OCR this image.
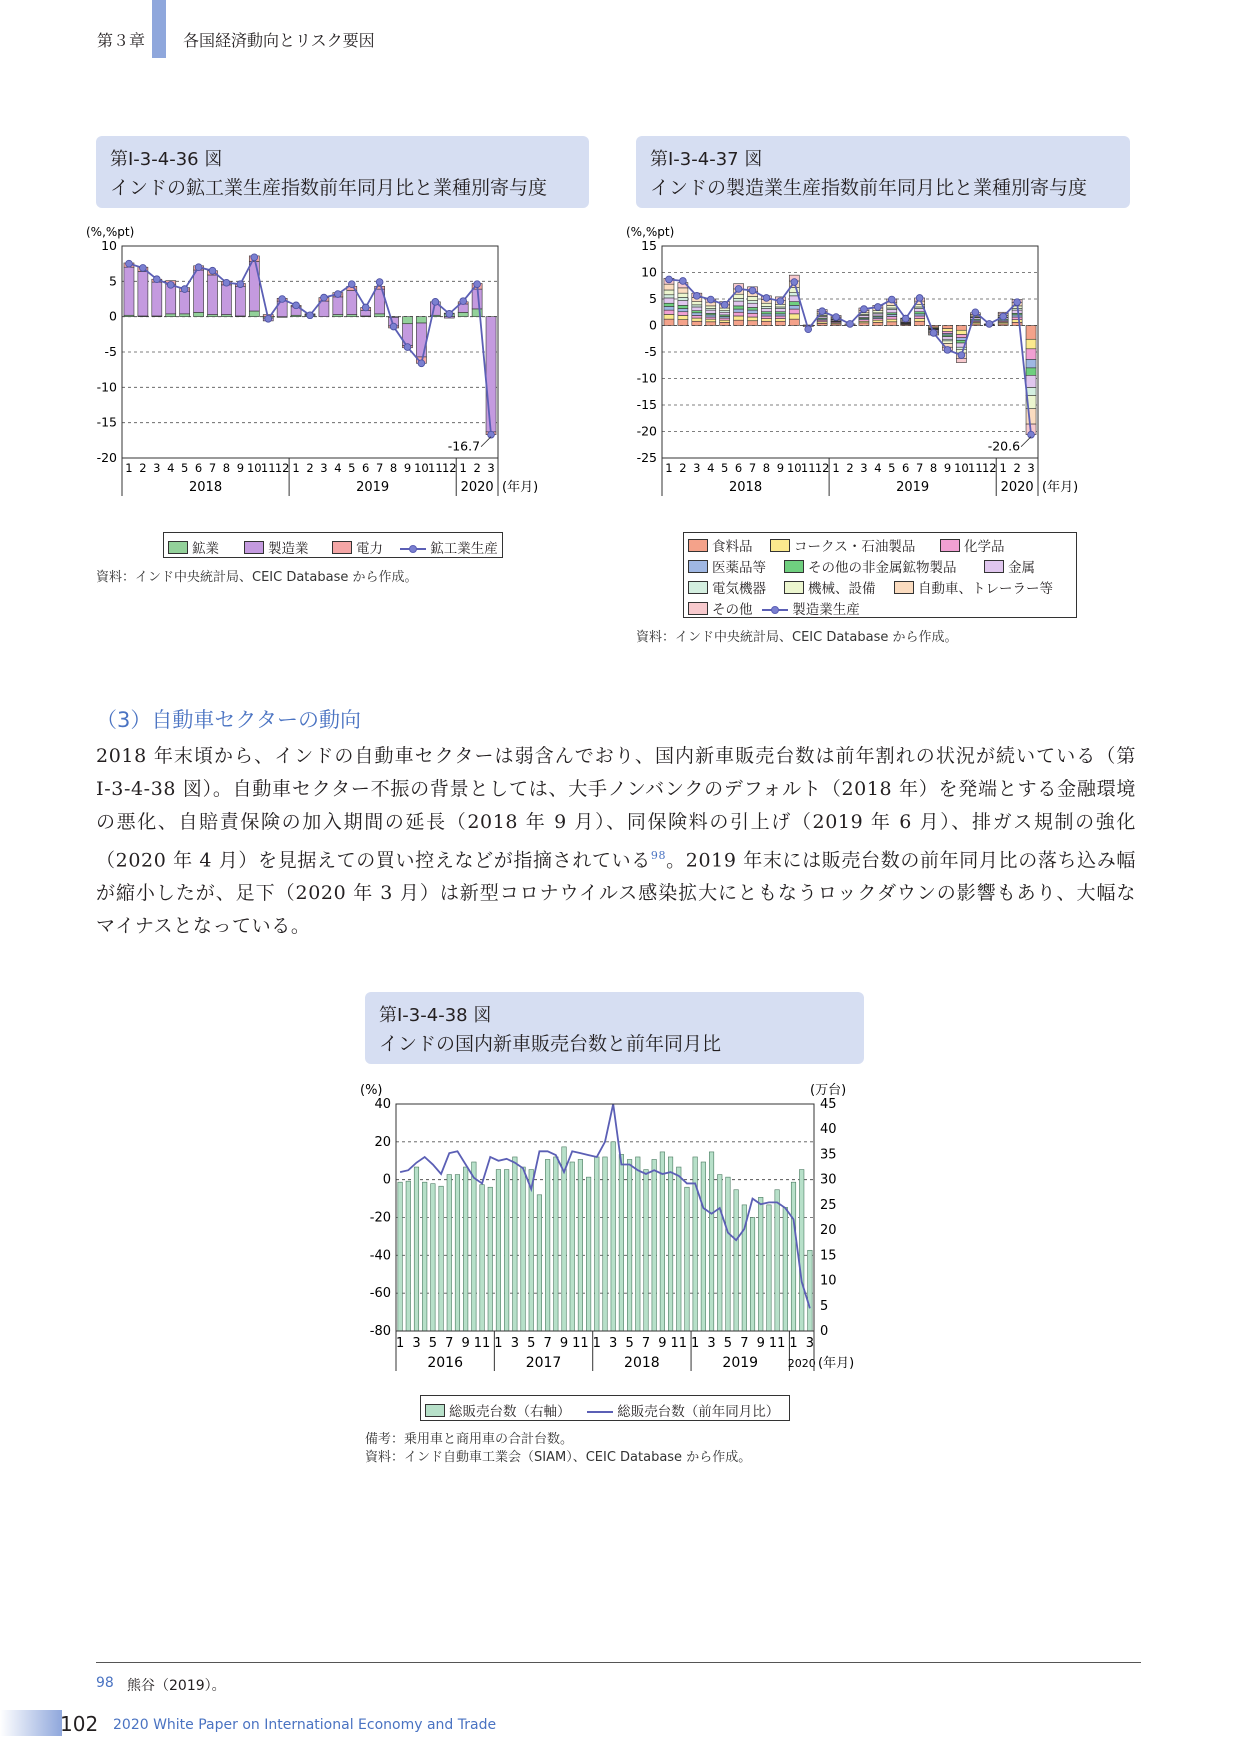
第３章 各国経済動向とリスク要因
第Ⅰ-3-4-36 図
インドの鉱工業生産指数前年同月比と業種別寄与度
(%,%pt)
10
5
0
-5
-10
-15
-20
1 2 3 4 5 6 7 8 9 10 11 12 1 2 3 4 5 6 7 8 9 10 11 12 1 2 3
2018	2019	2020 (年月)
-16.7
鉱業	製造業	電力	鉱工業生産
資料：インド中央統計局、CEIC Database から作成。
第Ⅰ-3-4-37 図
インドの製造業生産指数前年同月比と業種別寄与度
(%,%pt)
15
10
5
0
-5
-10
-15
-20
-25
1 2 3 4 5 6 7 8 9 10 11 12 1 2 3 4 5 6 7 8 9 10 11 12 1 2 3
2018	2019	2020 (年月)
-20.6
食料品	コークス・石油製品	化学品
医薬品等	その他の非金属鉱物製品	金属
電気機器	機械、設備	自動車、トレーラー等
その他	製造業生産
資料：インド中央統計局、CEIC Database から作成。
（3）自動車セクターの動向
2018 年末頃から、インドの自動車セクターは弱含んでおり、国内新車販売台数は前年割れの状況が続いている（第Ⅰ-3-4-38 図）。自動車セクター不振の背景としては、大手ノンバンクのデフォルト（2018 年）を発端とする金融環境の悪化、自賠責保険の加入期間の延長（2018 年 9 月）、同保険料の引上げ（2019 年 6 月）、排ガス規制の強化（2020 年 4 月）を見据えての買い控えなどが指摘されている$^{98}$。2019 年末には販売台数の前年同月比の落ち込み幅が縮小したが、足下（2020 年 3 月）は新型コロナウイルス感染拡大にともなうロックダウンの影響もあり、大幅なマイナスとなっている。
第Ⅰ-3-4-38 図
インドの国内新車販売台数と前年同月比
(%)	(万台)
40
20
0
-20
-40
-60
-80
45
40
35
30
25
20
15
10
5
0
1 3 5 7 9 11 1 3 5 7 9 11 1 3 5 7 9 11 1 3 5 7 9 11 1 3
2016	2017	2018	2019	2020 (年月)
総販売台数（右軸）	総販売台数（前年同月比）
備考：乗用車と商用車の合計台数。
資料：インド自動車工業会（SIAM）、CEIC Database から作成。
98 熊谷（2019）。
102 2020 White Paper on International Economy and Trade
